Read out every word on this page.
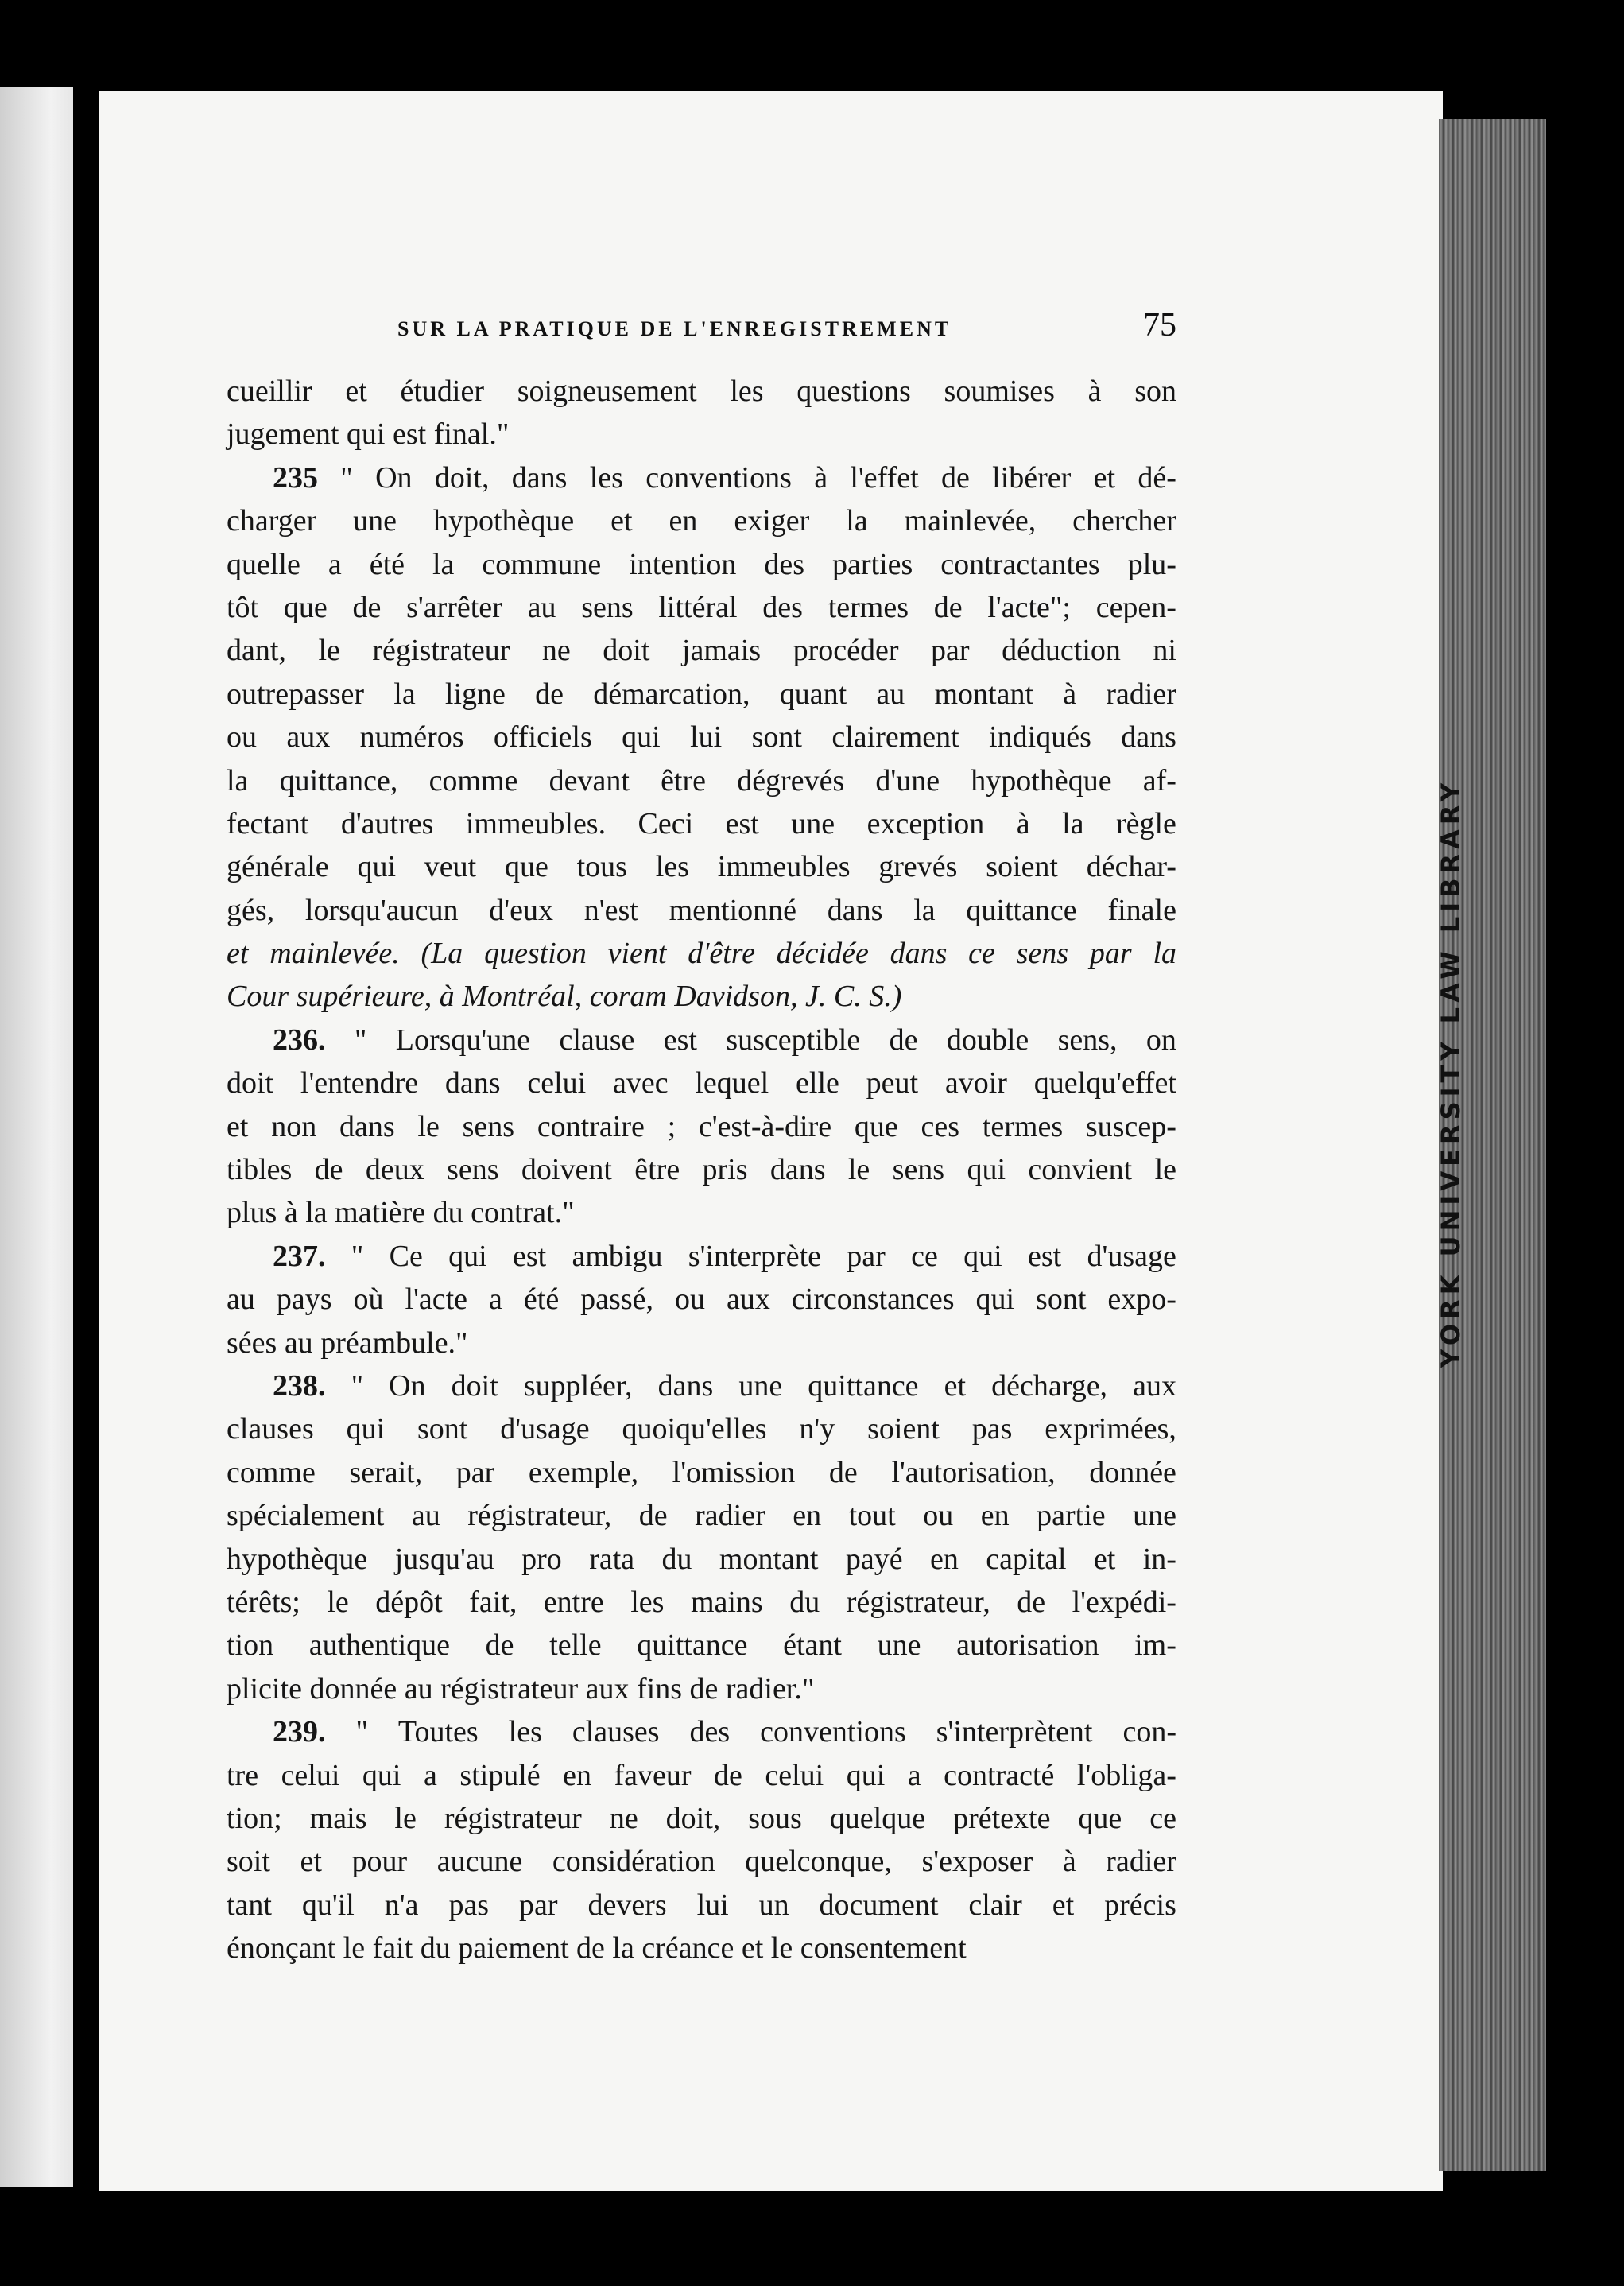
YORK UNIVERSITY LAW LIBRARY
SUR LA PRATIQUE DE L'ENREGISTREMENT	75
cueillir et étudier soigneusement les questions soumises à son
jugement qui est final."
235 " On doit, dans les conventions à l'effet de libérer et dé-
charger une hypothèque et en exiger la mainlevée, chercher
quelle a été la commune intention des parties contractantes plu-
tôt que de s'arrêter au sens littéral des termes de l'acte"; cepen-
dant, le régistrateur ne doit jamais procéder par déduction ni
outrepasser la ligne de démarcation, quant au montant à radier
ou aux numéros officiels qui lui sont clairement indiqués dans
la quittance, comme devant être dégrevés d'une hypothèque af-
fectant d'autres immeubles. Ceci est une exception à la règle
générale qui veut que tous les immeubles grevés soient déchar-
gés, lorsqu'aucun d'eux n'est mentionné dans la quittance finale
et mainlevée. (La question vient d'être décidée dans ce sens par la
Cour supérieure, à Montréal, coram Davidson, J. C. S.)
236. " Lorsqu'une clause est susceptible de double sens, on
doit l'entendre dans celui avec lequel elle peut avoir quelqu'effet
et non dans le sens contraire ; c'est-à-dire que ces termes suscep-
tibles de deux sens doivent être pris dans le sens qui convient le
plus à la matière du contrat."
237. " Ce qui est ambigu s'interprète par ce qui est d'usage
au pays où l'acte a été passé, ou aux circonstances qui sont expo-
sées au préambule."
238. " On doit suppléer, dans une quittance et décharge, aux
clauses qui sont d'usage quoiqu'elles n'y soient pas exprimées,
comme serait, par exemple, l'omission de l'autorisation, donnée
spécialement au régistrateur, de radier en tout ou en partie une
hypothèque jusqu'au pro rata du montant payé en capital et in-
térêts; le dépôt fait, entre les mains du régistrateur, de l'expédi-
tion authentique de telle quittance étant une autorisation im-
plicite donnée au régistrateur aux fins de radier."
239. " Toutes les clauses des conventions s'interprètent con-
tre celui qui a stipulé en faveur de celui qui a contracté l'obliga-
tion; mais le régistrateur ne doit, sous quelque prétexte que ce
soit et pour aucune considération quelconque, s'exposer à radier
tant qu'il n'a pas par devers lui un document clair et précis
énonçant le fait du paiement de la créance et le consentement
